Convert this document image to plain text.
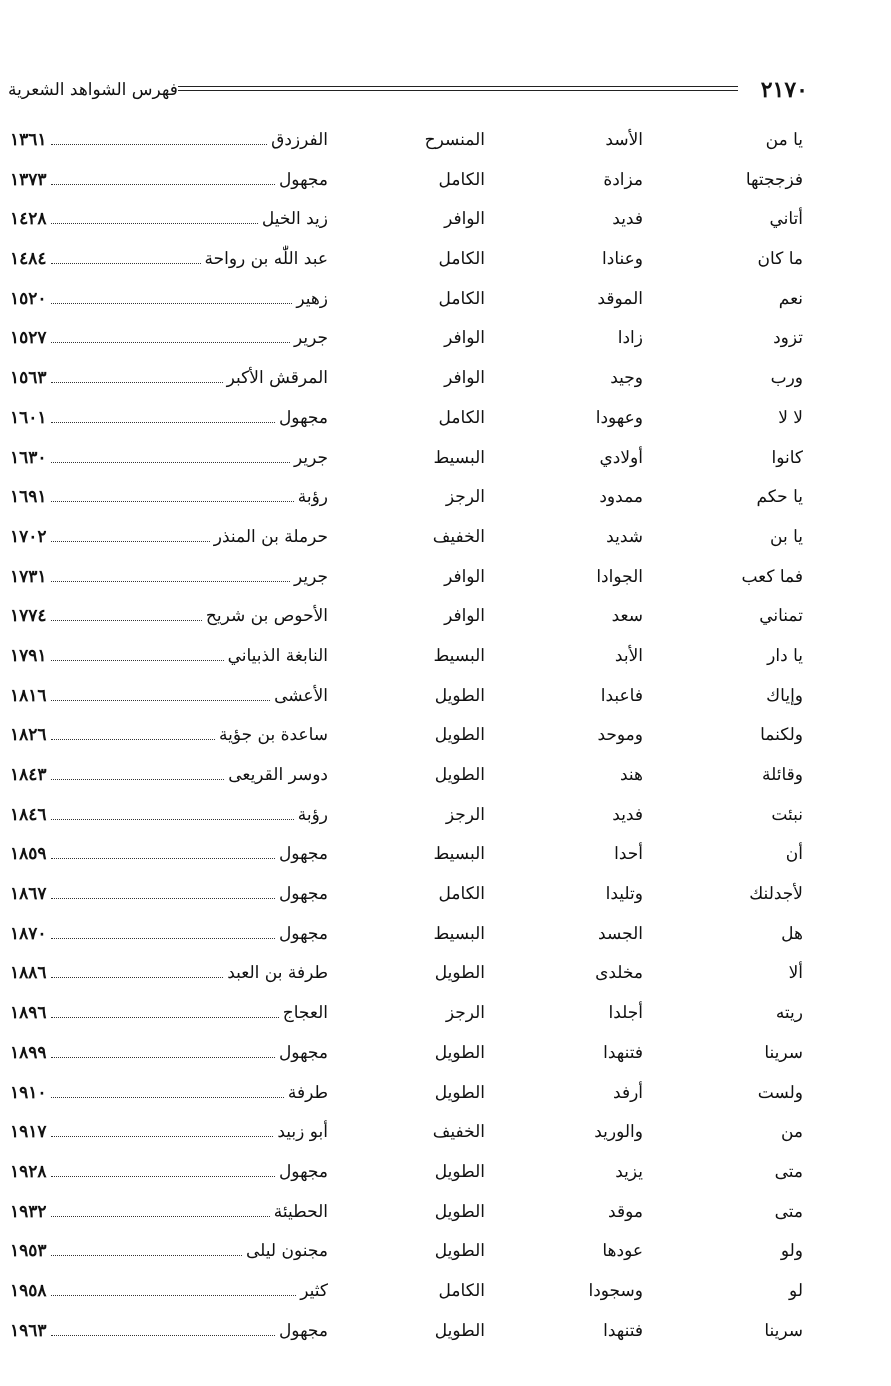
٢١٧٠
فهرس الشواهد الشعرية
يا من
الأسد
المنسرح
الفرزدق
١٣٦١
فزججتها
مزادة
الكامل
مجهول
١٣٧٣
أتاني
فديد
الوافر
زيد الخيل
١٤٢٨
ما كان
وعنادا
الكامل
عبد اللّٰه بن رواحة
١٤٨٤
نعم
الموقد
الكامل
زهير
١٥٢٠
تزود
زادا
الوافر
جرير
١٥٢٧
ورب
وجيد
الوافر
المرقش الأكبر
١٥٦٣
لا لا
وعهودا
الكامل
مجهول
١٦٠١
كانوا
أولادي
البسيط
جرير
١٦٣٠
يا حكم
ممدود
الرجز
رؤبة
١٦٩١
يا بن
شديد
الخفيف
حرملة بن المنذر
١٧٠٢
فما كعب
الجوادا
الوافر
جرير
١٧٣١
تمناني
سعد
الوافر
الأحوص بن شريح
١٧٧٤
يا دار
الأبد
البسيط
النابغة الذبياني
١٧٩١
وإياك
فاعبدا
الطويل
الأعشى
١٨١٦
ولكنما
وموحد
الطويل
ساعدة بن جؤية
١٨٢٦
وقائلة
هند
الطويل
دوسر القريعى
١٨٤٣
نبئت
فديد
الرجز
رؤبة
١٨٤٦
أن
أحدا
البسيط
مجهول
١٨٥٩
لأجدلنك
وتليدا
الكامل
مجهول
١٨٦٧
هل
الجسد
البسيط
مجهول
١٨٧٠
ألا
مخلدى
الطويل
طرفة بن العبد
١٨٨٦
ريته
أجلدا
الرجز
العجاج
١٨٩٦
سرينا
فتنهدا
الطويل
مجهول
١٨٩٩
ولست
أرفد
الطويل
طرفة
١٩١٠
من
والوريد
الخفيف
أبو زبيد
١٩١٧
متى
يزيد
الطويل
مجهول
١٩٢٨
متى
موقد
الطويل
الحطيئة
١٩٣٢
ولو
عودها
الطويل
مجنون ليلى
١٩٥٣
لو
وسجودا
الكامل
كثير
١٩٥٨
سرينا
فتنهدا
الطويل
مجهول
١٩٦٣
